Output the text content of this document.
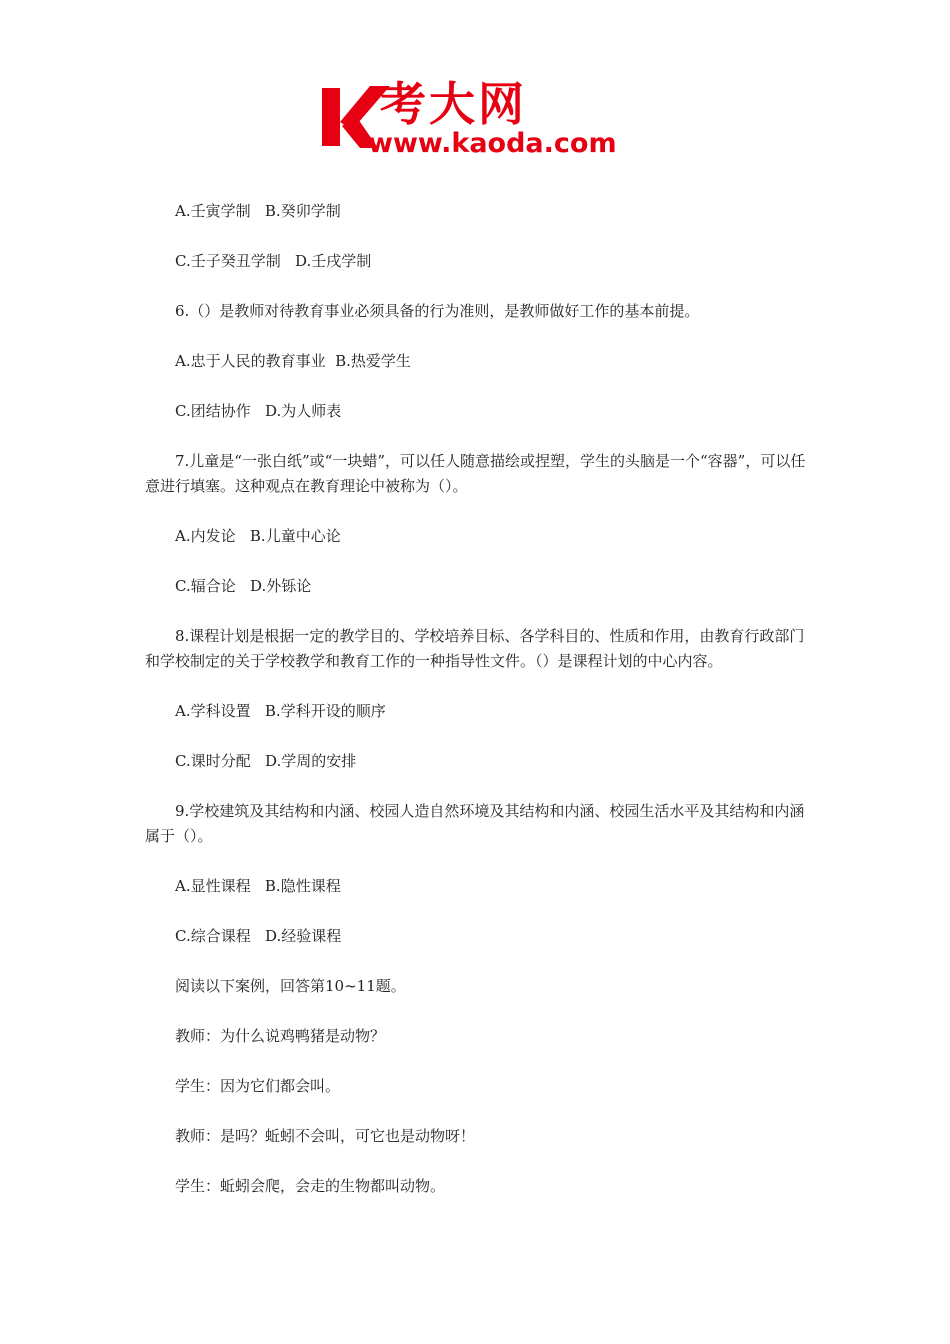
考大网
www.kaoda.com

A.壬寅学制   B.癸卯学制

C.壬子癸丑学制   D.壬戌学制

6.（）是教师对待教育事业必须具备的行为准则，是教师做好工作的基本前提。

A.忠于人民的教育事业  B.热爱学生

C.团结协作   D.为人师表

7.儿童是“一张白纸”或“一块蜡”，可以任人随意描绘或捏塑，学生的头脑是一个“容器”，可以任意进行填塞。这种观点在教育理论中被称为（）。

A.内发论   B.儿童中心论

C.辐合论   D.外铄论

8.课程计划是根据一定的教学目的、学校培养目标、各学科目的、性质和作用，由教育行政部门和学校制定的关于学校教学和教育工作的一种指导性文件。（）是课程计划的中心内容。

A.学科设置   B.学科开设的顺序

C.课时分配   D.学周的安排

9.学校建筑及其结构和内涵、校园人造自然环境及其结构和内涵、校园生活水平及其结构和内涵属于（）。

A.显性课程   B.隐性课程

C.综合课程   D.经验课程

阅读以下案例，回答第10~11题。

教师：为什么说鸡鸭猪是动物？

学生：因为它们都会叫。

教师：是吗？蚯蚓不会叫，可它也是动物呀！

学生：蚯蚓会爬，会走的生物都叫动物。
